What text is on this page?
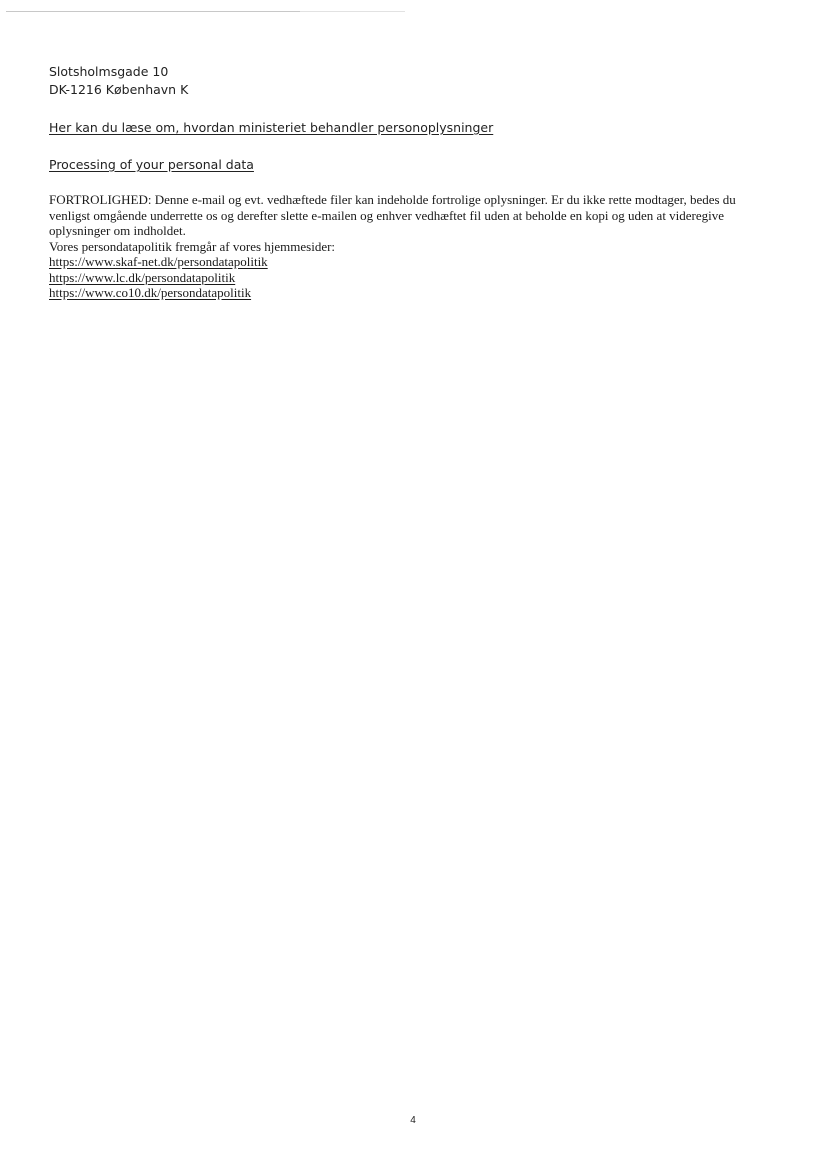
Slotsholmsgade 10
DK-1216 København K
Her kan du læse om, hvordan ministeriet behandler personoplysninger
Processing of your personal data

FORTROLIGHED: Denne e-mail og evt. vedhæftede filer kan indeholde fortrolige oplysninger. Er du ikke rette modtager, bedes du venligst omgående underrette os og derefter slette e-mailen og enhver vedhæftet fil uden at beholde en kopi og uden at videregive oplysninger om indholdet.

Vores persondatapolitik fremgår af vores hjemmesider:

https://www.skaf-net.dk/persondatapolitik
https://www.lc.dk/persondatapolitik
https://www.co10.dk/persondatapolitik
4
